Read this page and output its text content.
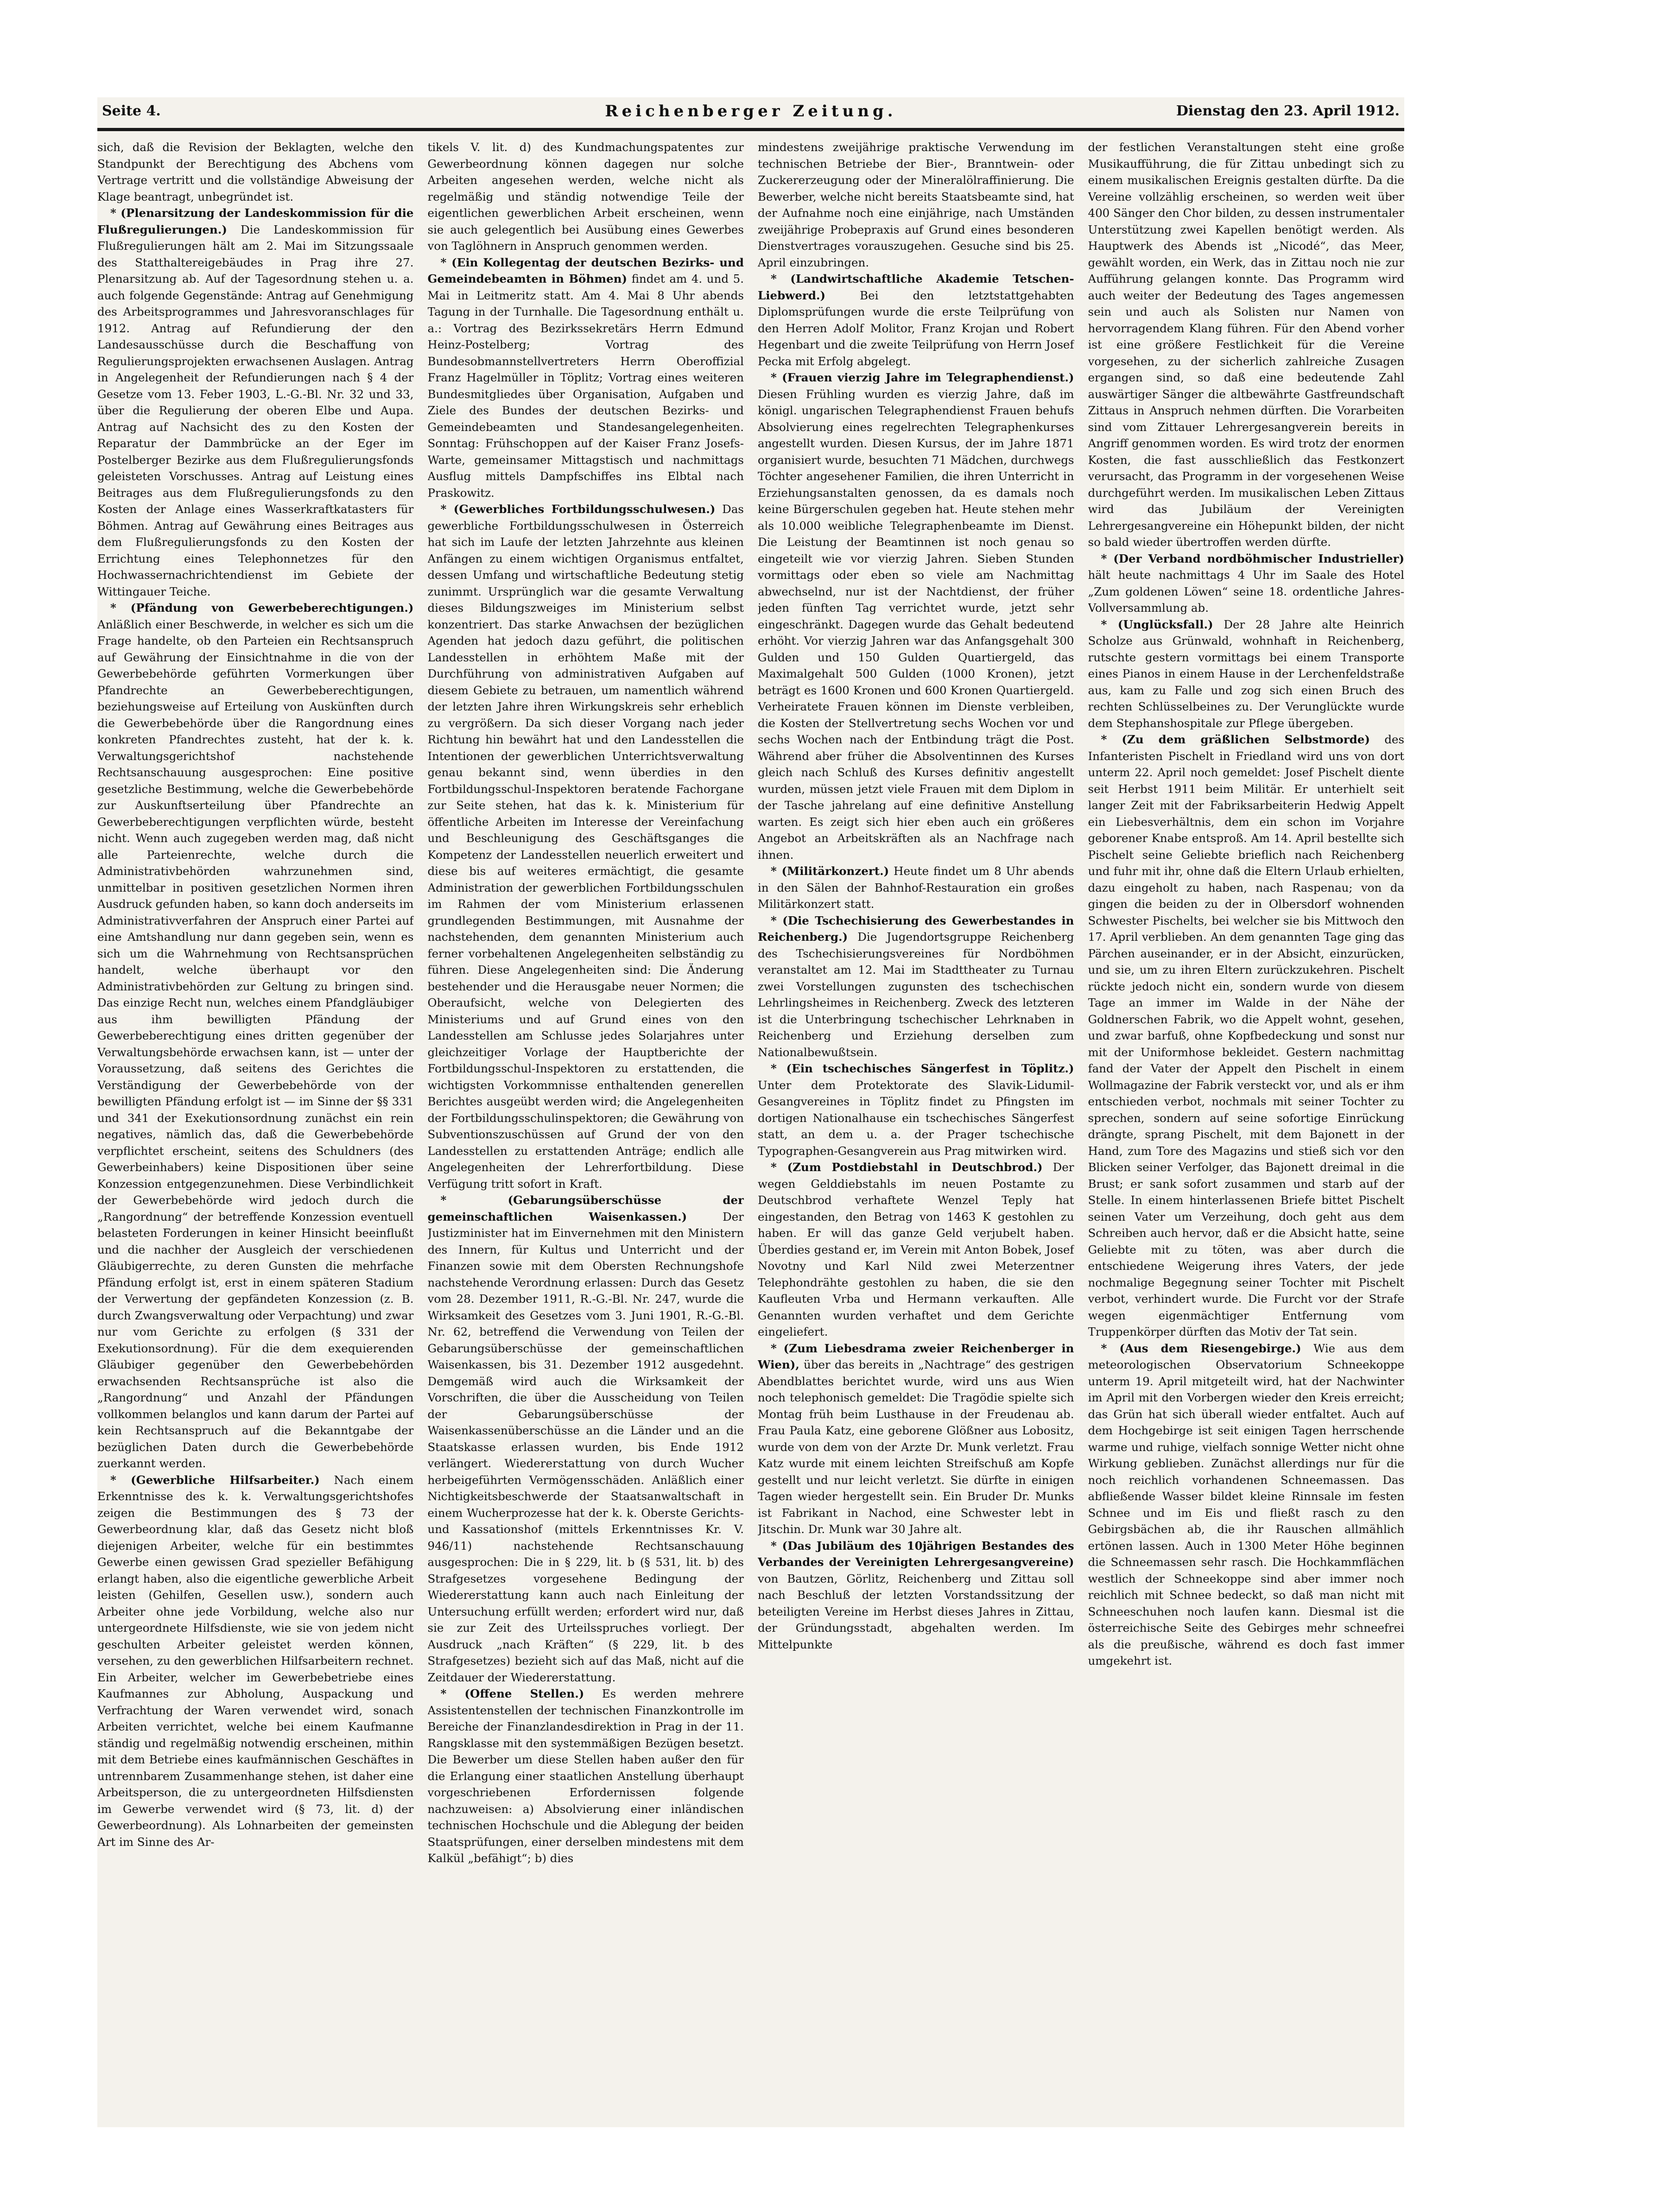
Seite 4.	Reichenberger Zeitung.	Dienstag den 23. April 1912.

sich, daß die Revision der Beklagten, welche den Standpunkt der Berechtigung des Abchens vom Vertrage vertritt und die vollständige Abweisung der Klage beantragt, unbegründet ist.

* (Plenarsitzung der Landeskommission für die Flußregulierungen.) Die Landeskommission für Flußregulierungen hält am 2. Mai im Sitzungssaale des Statthaltereigebäudes in Prag ihre 27. Plenarsitzung ab. Auf der Tagesordnung stehen u. a. auch folgende Gegenstände: Antrag auf Genehmigung des Arbeitsprogrammes und Jahresvoranschlages für 1912. Antrag auf Refundierung der den Landesausschüsse durch die Beschaffung von Regulierungsprojekten erwachsenen Auslagen. Antrag in Angelegenheit der Refundierungen nach § 4 der Gesetze vom 13. Feber 1903, L.-G.-Bl. Nr. 32 und 33, über die Regulierung der oberen Elbe und Aupa. Antrag auf Nachsicht des zu den Kosten der Reparatur der Dammbrücke an der Eger im Postelberger Bezirke aus dem Flußregulierungsfonds geleisteten Vorschusses. Antrag auf Leistung eines Beitrages aus dem Flußregulierungsfonds zu den Kosten der Anlage eines Wasserkraftkatasters für Böhmen. Antrag auf Gewährung eines Beitrages aus dem Flußregulierungsfonds zu den Kosten der Errichtung eines Telephonnetzes für den Hochwassernachrichtendienst im Gebiete der Wittingauer Teiche.

* (Pfändung von Gewerbeberechtigungen.) Anläßlich einer Beschwerde, in welcher es sich um die Frage handelte, ob den Parteien ein Rechtsanspruch auf Gewährung der Einsichtnahme in die von der Gewerbebehörde geführten Vormerkungen über Pfandrechte an Gewerbeberechtigungen, beziehungsweise auf Erteilung von Auskünften durch die Gewerbebehörde über die Rangordnung eines konkreten Pfandrechtes zusteht, hat der k. k. Verwaltungsgerichtshof nachstehende Rechtsanschauung ausgesprochen: Eine positive gesetzliche Bestimmung, welche die Gewerbebehörde zur Auskunftserteilung über Pfandrechte an Gewerbeberechtigungen verpflichten würde, besteht nicht. Wenn auch zugegeben werden mag, daß nicht alle Parteienrechte, welche durch die Administrativbehörden wahrzunehmen sind, unmittelbar in positiven gesetzlichen Normen ihren Ausdruck gefunden haben, so kann doch anderseits im Administrativverfahren der Anspruch einer Partei auf eine Amtshandlung nur dann gegeben sein, wenn es sich um die Wahrnehmung von Rechtsansprüchen handelt, welche überhaupt vor den Administrativbehörden zur Geltung zu bringen sind. Das einzige Recht nun, welches einem Pfandgläubiger aus ihm bewilligten Pfändung der Gewerbeberechtigung eines dritten gegenüber der Verwaltungsbehörde erwachsen kann, ist — unter der Voraussetzung, daß seitens des Gerichtes die Verständigung der Gewerbebehörde von der bewilligten Pfändung erfolgt ist — im Sinne der §§ 331 und 341 der Exekutionsordnung zunächst ein rein negatives, nämlich das, daß die Gewerbebehörde verpflichtet erscheint, seitens des Schuldners (des Gewerbeinhabers) keine Dispositionen über seine Konzession entgegenzunehmen. Diese Verbindlichkeit der Gewerbebehörde wird jedoch durch die „Rangordnung“ der betreffende Konzession eventuell belasteten Forderungen in keiner Hinsicht beeinflußt und die nachher der Ausgleich der verschiedenen Gläubigerrechte, zu deren Gunsten die mehrfache Pfändung erfolgt ist, erst in einem späteren Stadium der Verwertung der gepfändeten Konzession (z. B. durch Zwangsverwaltung oder Verpachtung) und zwar nur vom Gerichte zu erfolgen (§ 331 der Exekutionsordnung). Für die dem exequierenden Gläubiger gegenüber den Gewerbebehörden erwachsenden Rechtsansprüche ist also die „Rangordnung“ und Anzahl der Pfändungen vollkommen belanglos und kann darum der Partei auf kein Rechtsanspruch auf die Bekanntgabe der bezüglichen Daten durch die Gewerbebehörde zuerkannt werden.

* (Gewerbliche Hilfsarbeiter.) Nach einem Erkenntnisse des k. k. Verwaltungsgerichtshofes zeigen die Bestimmungen des § 73 der Gewerbeordnung klar, daß das Gesetz nicht bloß diejenigen Arbeiter, welche für ein bestimmtes Gewerbe einen gewissen Grad spezieller Befähigung erlangt haben, also die eigentliche gewerbliche Arbeit leisten (Gehilfen, Gesellen usw.), sondern auch Arbeiter ohne jede Vorbildung, welche also nur untergeordnete Hilfsdienste, wie sie von jedem nicht geschulten Arbeiter geleistet werden können, versehen, zu den gewerblichen Hilfsarbeitern rechnet. Ein Arbeiter, welcher im Gewerbebetriebe eines Kaufmannes zur Abholung, Auspackung und Verfrachtung der Waren verwendet wird, sonach Arbeiten verrichtet, welche bei einem Kaufmanne ständig und regelmäßig notwendig erscheinen, mithin mit dem Betriebe eines kaufmännischen Geschäftes in untrennbarem Zusammenhange stehen, ist daher eine Arbeitsperson, die zu untergeordneten Hilfsdiensten im Gewerbe verwendet wird (§ 73, lit. d) der Gewerbeordnung). Als Lohnarbeiten der gemeinsten Art im Sinne des Ar-

tikels V. lit. d) des Kundmachungspatentes zur Gewerbeordnung können dagegen nur solche Arbeiten angesehen werden, welche nicht als regelmäßig und ständig notwendige Teile der eigentlichen gewerblichen Arbeit erscheinen, wenn sie auch gelegentlich bei Ausübung eines Gewerbes von Taglöhnern in Anspruch genommen werden.

* (Ein Kollegentag der deutschen Bezirks- und Gemeindebeamten in Böhmen) findet am 4. und 5. Mai in Leitmeritz statt. Am 4. Mai 8 Uhr abends Tagung in der Turnhalle. Die Tagesordnung enthält u. a.: Vortrag des Bezirkssekretärs Herrn Edmund Heinz-Postelberg; Vortrag des Bundesobmannstellvertreters Herrn Oberoffizial Franz Hagelmüller in Töplitz; Vortrag eines weiteren Bundesmitgliedes über Organisation, Aufgaben und Ziele des Bundes der deutschen Bezirks- und Gemeindebeamten und Standesangelegenheiten. Sonntag: Frühschoppen auf der Kaiser Franz Josefs-Warte, gemeinsamer Mittagstisch und nachmittags Ausflug mittels Dampfschiffes ins Elbtal nach Praskowitz.

* (Gewerbliches Fortbildungsschulwesen.) Das gewerbliche Fortbildungsschulwesen in Österreich hat sich im Laufe der letzten Jahrzehnte aus kleinen Anfängen zu einem wichtigen Organismus entfaltet, dessen Umfang und wirtschaftliche Bedeutung stetig zunimmt. Ursprünglich war die gesamte Verwaltung dieses Bildungszweiges im Ministerium selbst konzentriert. Das starke Anwachsen der bezüglichen Agenden hat jedoch dazu geführt, die politischen Landesstellen in erhöhtem Maße mit der Durchführung von administrativen Aufgaben auf diesem Gebiete zu betrauen, um namentlich während der letzten Jahre ihren Wirkungskreis sehr erheblich zu vergrößern. Da sich dieser Vorgang nach jeder Richtung hin bewährt hat und den Landesstellen die Intentionen der gewerblichen Unterrichtsverwaltung genau bekannt sind, wenn überdies in den Fortbildungsschul-Inspektoren beratende Fachorgane zur Seite stehen, hat das k. k. Ministerium für öffentliche Arbeiten im Interesse der Vereinfachung und Beschleunigung des Geschäftsganges die Kompetenz der Landesstellen neuerlich erweitert und diese bis auf weiteres ermächtigt, die gesamte Administration der gewerblichen Fortbildungsschulen im Rahmen der vom Ministerium erlassenen grundlegenden Bestimmungen, mit Ausnahme der nachstehenden, dem genannten Ministerium auch ferner vorbehaltenen Angelegenheiten selbständig zu führen. Diese Angelegenheiten sind: Die Änderung bestehender und die Herausgabe neuer Normen; die Oberaufsicht, welche von Delegierten des Ministeriums und auf Grund eines von den Landesstellen am Schlusse jedes Solarjahres unter gleichzeitiger Vorlage der Hauptberichte der Fortbildungsschul-Inspektoren zu erstattenden, die wichtigsten Vorkommnisse enthaltenden generellen Berichtes ausgeübt werden wird; die Angelegenheiten der Fortbildungsschulinspektoren; die Gewährung von Subventionszuschüssen auf Grund der von den Landesstellen zu erstattenden Anträge; endlich alle Angelegenheiten der Lehrerfortbildung. Diese Verfügung tritt sofort in Kraft.

* (Gebarungsüberschüsse der gemeinschaftlichen Waisenkassen.)	Der Justizminister hat im Einvernehmen mit den Ministern des Innern, für Kultus und Unterricht und der Finanzen sowie mit dem Obersten Rechnungshofe nachstehende Verordnung erlassen: Durch das Gesetz vom 28. Dezember 1911, R.-G.-Bl. Nr. 247, wurde die Wirksamkeit des Gesetzes vom 3. Juni 1901, R.-G.-Bl. Nr. 62, betreffend die Verwendung von Teilen der Gebarungsüberschüsse der gemeinschaftlichen Waisenkassen, bis 31. Dezember 1912 ausgedehnt. Demgemäß wird auch die Wirksamkeit der Vorschriften, die über die Ausscheidung von Teilen der Gebarungsüberschüsse der Waisenkassenüberschüsse an die Länder und an die Staatskasse erlassen wurden, bis Ende 1912 verlängert. Wiedererstattung von durch Wucher herbeigeführten Vermögensschäden. Anläßlich einer Nichtigkeitsbeschwerde der Staatsanwaltschaft in einem Wucherprozesse hat der k. k. Oberste Gerichts- und Kassationshof (mittels Erkenntnisses Kr. V. 946/11) nachstehende Rechtsanschauung ausgesprochen: Die in § 229, lit. b (§ 531, lit. b) des Strafgesetzes vorgesehene Bedingung der Wiedererstattung kann auch nach Einleitung der Untersuchung erfüllt werden; erfordert wird nur, daß sie zur Zeit des Urteilsspruches vorliegt. Der Ausdruck „nach Kräften“ (§ 229, lit. b des Strafgesetzes) bezieht sich auf das Maß, nicht auf die Zeitdauer der Wiedererstattung.

* (Offene Stellen.) Es werden mehrere Assistentenstellen der technischen Finanzkontrolle im Bereiche der Finanzlandesdirektion in Prag in der 11. Rangsklasse mit den systemmäßigen Bezügen besetzt. Die Bewerber um diese Stellen haben außer den für die Erlangung einer staatlichen Anstellung überhaupt vorgeschriebenen Erfordernissen folgende nachzuweisen: a) Absolvierung einer inländischen technischen Hochschule und die Ablegung der beiden Staatsprüfungen, einer derselben mindestens mit dem Kalkül „befähigt“; b) dies

mindestens zweijährige praktische Verwendung im technischen Betriebe der Bier-, Branntwein- oder Zuckererzeugung oder der Mineralölraffinierung. Die Bewerber, welche nicht bereits Staatsbeamte sind, hat der Aufnahme noch eine einjährige, nach Umständen zweijährige Probepraxis auf Grund eines besonderen Dienstvertrages vorauszugehen. Gesuche sind bis 25. April einzubringen.

* (Landwirtschaftliche Akademie Tetschen-Liebwerd.)	Bei den letztstattgehabten Diplomsprüfungen wurde die erste Teilprüfung von den Herren Adolf Molitor, Franz Krojan und Robert Hegenbart und die zweite Teilprüfung von Herrn Josef Pecka mit Erfolg abgelegt.

* (Frauen vierzig Jahre im Telegraphendienst.) Diesen Frühling wurden es vierzig Jahre, daß im königl. ungarischen Telegraphendienst Frauen behufs Absolvierung eines regelrechten Telegraphenkurses angestellt wurden. Diesen Kursus, der im Jahre 1871 organisiert wurde, besuchten 71 Mädchen, durchwegs Töchter angesehener Familien, die ihren Unterricht in Erziehungsanstalten genossen, da es damals noch keine Bürgerschulen gegeben hat. Heute stehen mehr als 10.000 weibliche Telegraphenbeamte im Dienst. Die Leistung der Beamtinnen ist noch genau so eingeteilt wie vor vierzig Jahren. Sieben Stunden vormittags oder eben so viele am Nachmittag abwechselnd, nur ist der Nachtdienst, der früher jeden fünften Tag verrichtet wurde, jetzt sehr eingeschränkt. Dagegen wurde das Gehalt bedeutend erhöht. Vor vierzig Jahren war das Anfangsgehalt 300 Gulden und 150 Gulden Quartiergeld, das Maximalgehalt 500 Gulden (1000 Kronen), jetzt beträgt es 1600 Kronen und 600 Kronen Quartiergeld. Verheiratete Frauen können im Dienste verbleiben, die Kosten der Stellvertretung sechs Wochen vor und sechs Wochen nach der Entbindung trägt die Post. Während aber früher die Absolventinnen des Kurses gleich nach Schluß des Kurses definitiv angestellt wurden, müssen jetzt viele Frauen mit dem Diplom in der Tasche jahrelang auf eine definitive Anstellung warten. Es zeigt sich hier eben auch ein größeres Angebot an Arbeitskräften als an Nachfrage nach ihnen.

* (Militärkonzert.) Heute findet um 8 Uhr abends in den Sälen der Bahnhof-Restauration ein großes Militärkonzert statt.

* (Die Tschechisierung des Gewerbestandes in Reichenberg.) Die Jugendortsgruppe Reichenberg des Tschechisierungsvereines für Nordböhmen veranstaltet am 12. Mai im Stadttheater zu Turnau zwei Vorstellungen zugunsten des tschechischen Lehrlingsheimes in Reichenberg. Zweck des letzteren ist die Unterbringung tschechischer Lehrknaben in Reichenberg und Erziehung derselben zum Nationalbewußtsein.

* (Ein tschechisches Sängerfest in Töplitz.) Unter dem Protektorate des Slavik-Lidumil-Gesangvereines in Töplitz findet zu Pfingsten im dortigen Nationalhause ein tschechisches Sängerfest statt, an dem u. a. der Prager tschechische Typographen-Gesangverein aus Prag mitwirken wird.

* (Zum Postdiebstahl in Deutschbrod.) Der wegen Gelddiebstahls im neuen Postamte zu Deutschbrod verhaftete Wenzel Teply hat eingestanden, den Betrag von 1463 K gestohlen zu haben. Er will das ganze Geld verjubelt haben. Überdies gestand er, im Verein mit Anton Bobek, Josef Novotny und Karl Nild zwei Meterzentner Telephondrähte gestohlen zu haben, die sie den Kaufleuten Vrba und Hermann verkauften. Alle Genannten wurden verhaftet und dem Gerichte eingeliefert.

* (Zum Liebesdrama zweier Reichenberger in Wien), über das bereits in „Nachtrage“ des gestrigen Abendblattes berichtet wurde, wird uns aus Wien noch telephonisch gemeldet: Die Tragödie spielte sich Montag früh beim Lusthause in der Freudenau ab. Frau Paula Katz, eine geborene Glößner aus Lobositz, wurde von dem von der Arzte Dr. Munk verletzt. Frau Katz wurde mit einem leichten Streifschuß am Kopfe gestellt und nur leicht verletzt. Sie dürfte in einigen Tagen wieder hergestellt sein. Ein Bruder Dr. Munks ist Fabrikant in Nachod, eine Schwester lebt in Jitschin. Dr. Munk war 30 Jahre alt.

* (Das Jubiläum des 10jährigen Bestandes des Verbandes der Vereinigten Lehrergesangvereine) von Bautzen, Görlitz, Reichenberg und Zittau soll nach Beschluß der letzten Vorstandssitzung der beteiligten Vereine im Herbst dieses Jahres in Zittau, der Gründungsstadt, abgehalten werden. Im Mittelpunkte

der festlichen Veranstaltungen steht eine große Musikaufführung, die für Zittau unbedingt sich zu einem musikalischen Ereignis gestalten dürfte. Da die Vereine vollzählig erscheinen, so werden weit über 400 Sänger den Chor bilden, zu dessen instrumentaler Unterstützung zwei Kapellen benötigt werden. Als Hauptwerk des Abends ist „Nicodé“, das Meer, gewählt worden, ein Werk, das in Zittau noch nie zur Aufführung gelangen konnte. Das Programm wird auch weiter der Bedeutung des Tages angemessen sein und auch als Solisten nur Namen von hervorragendem Klang führen. Für den Abend vorher ist eine größere Festlichkeit für die Vereine vorgesehen, zu der sicherlich zahlreiche Zusagen ergangen sind, so daß eine bedeutende Zahl auswärtiger Sänger die altbewährte Gastfreundschaft Zittaus in Anspruch nehmen dürften. Die Vorarbeiten sind vom Zittauer Lehrergesangverein bereits in Angriff genommen worden. Es wird trotz der enormen Kosten, die fast ausschließlich das Festkonzert verursacht, das Programm in der vorgesehenen Weise durchgeführt werden. Im musikalischen Leben Zittaus wird das Jubiläum der Vereinigten Lehrergesangvereine ein Höhepunkt bilden, der nicht so bald wieder übertroffen werden dürfte.

* (Der Verband nordböhmischer Industrieller) hält heute nachmittags 4 Uhr im Saale des Hotel „Zum goldenen Löwen“ seine 18. ordentliche Jahres-Vollversammlung ab.

* (Unglücksfall.) Der 28 Jahre alte Heinrich Scholze aus Grünwald, wohnhaft in Reichenberg, rutschte gestern vormittags bei einem Transporte eines Pianos in einem Hause in der Lerchenfeldstraße aus, kam zu Falle und zog sich einen Bruch des rechten Schlüsselbeines zu. Der Verunglückte wurde dem Stephanshospitale zur Pflege übergeben.

* (Zu dem gräßlichen Selbstmorde) des Infanteristen Pischelt in Friedland wird uns von dort unterm 22. April noch gemeldet: Josef Pischelt diente seit Herbst 1911 beim Militär. Er unterhielt seit langer Zeit mit der Fabriksarbeiterin Hedwig Appelt ein Liebesverhältnis, dem ein schon im Vorjahre geborener Knabe entsproß. Am 14. April bestellte sich Pischelt seine Geliebte brieflich nach Reichenberg und fuhr mit ihr, ohne daß die Eltern Urlaub erhielten, dazu eingeholt zu haben, nach Raspenau; von da gingen die beiden zu der in Olbersdorf wohnenden Schwester Pischelts, bei welcher sie bis Mittwoch den 17. April verblieben. An dem genannten Tage ging das Pärchen auseinander, er in der Absicht, einzurücken, und sie, um zu ihren Eltern zurückzukehren. Pischelt rückte jedoch nicht ein, sondern wurde von diesem Tage an immer im Walde in der Nähe der Goldnerschen Fabrik, wo die Appelt wohnt, gesehen, und zwar barfuß, ohne Kopfbedeckung und sonst nur mit der Uniformhose bekleidet. Gestern nachmittag fand der Vater der Appelt den Pischelt in einem Wollmagazine der Fabrik versteckt vor, und als er ihm entschieden verbot, nochmals mit seiner Tochter zu sprechen, sondern auf seine sofortige Einrückung drängte, sprang Pischelt, mit dem Bajonett in der Hand, zum Tore des Magazins und stieß sich vor den Blicken seiner Verfolger, das Bajonett dreimal in die Brust; er sank sofort zusammen und starb auf der Stelle. In einem hinterlassenen Briefe bittet Pischelt seinen Vater um Verzeihung, doch geht aus dem Schreiben auch hervor, daß er die Absicht hatte, seine Geliebte mit zu töten, was aber durch die entschiedene Weigerung ihres Vaters, der jede nochmalige Begegnung seiner Tochter mit Pischelt verbot, verhindert wurde. Die Furcht vor der Strafe wegen eigenmächtiger Entfernung vom Truppenkörper dürften das Motiv der Tat sein.

* (Aus dem Riesengebirge.) Wie aus dem meteorologischen Observatorium Schneekoppe unterm 19. April mitgeteilt wird, hat der Nachwinter im April mit den Vorbergen wieder den Kreis erreicht; das Grün hat sich überall wieder entfaltet. Auch auf dem Hochgebirge ist seit einigen Tagen herrschende warme und ruhige, vielfach sonnige Wetter nicht ohne Wirkung geblieben. Zunächst allerdings nur für die noch reichlich vorhandenen Schneemassen. Das abfließende Wasser bildet kleine Rinnsale im festen Schnee und im Eis und fließt rasch zu den Gebirgsbächen ab, die ihr Rauschen allmählich ertönen lassen. Auch in 1300 Meter Höhe beginnen die Schneemassen sehr rasch. Die Hochkammflächen westlich der Schneekoppe sind aber immer noch reichlich mit Schnee bedeckt, so daß man nicht mit Schneeschuhen noch laufen kann. Diesmal ist die österreichische Seite des Gebirges mehr schneefrei als die preußische, während es doch fast immer umgekehrt ist.
